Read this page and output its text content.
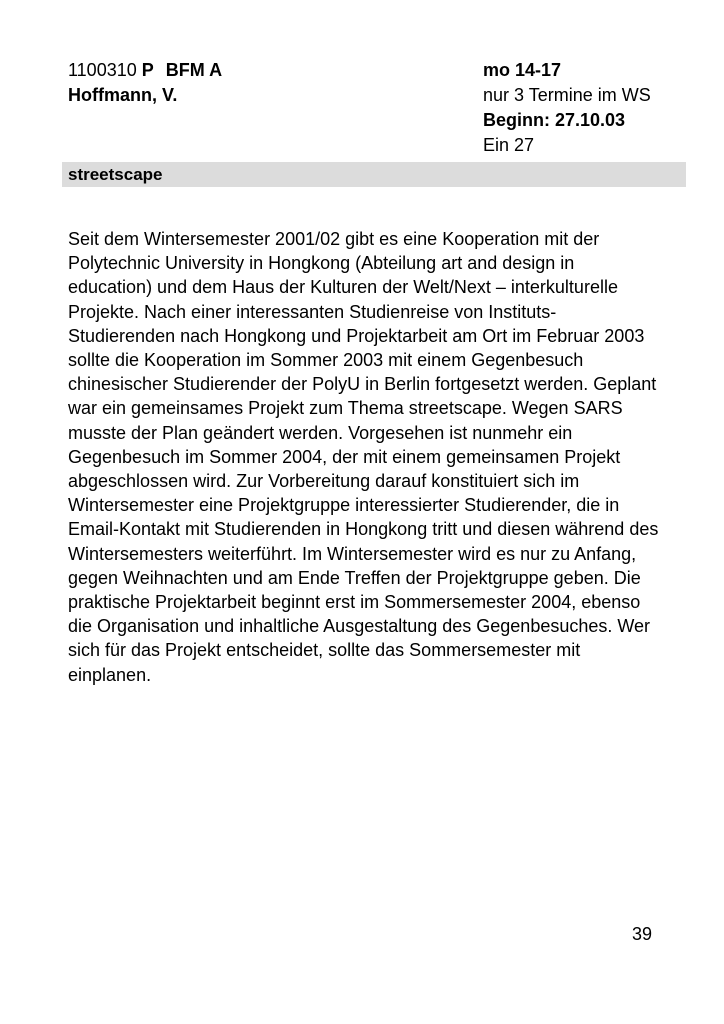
1100310 P BFM A
Hoffmann, V.
mo 14-17
nur 3 Termine im WS
Beginn: 27.10.03
Ein 27
streetscape

Seit dem Wintersemester 2001/02 gibt es eine Kooperation mit der Polytechnic University in Hongkong (Abteilung art and design in education) und dem Haus der Kulturen der Welt/Next – interkulturelle Projekte. Nach einer interessanten Studienreise von Instituts-Studierenden nach Hongkong und Projektarbeit am Ort im Februar 2003 sollte die Kooperation im Sommer 2003 mit einem Gegenbesuch chinesischer Studierender der PolyU in Berlin fortgesetzt werden. Geplant war ein gemeinsames Projekt zum Thema streetscape. Wegen SARS musste der Plan geändert werden. Vorgesehen ist nunmehr ein Gegenbesuch im Sommer 2004, der mit einem gemeinsamen Projekt abgeschlossen wird. Zur Vorbereitung darauf konstituiert sich im Wintersemester eine Projektgruppe interessierter Studierender, die in Email-Kontakt mit Studierenden in Hongkong tritt und diesen während des Wintersemesters weiterführt. Im Wintersemester wird es nur zu Anfang, gegen Weihnachten und am Ende Treffen der Projektgruppe geben. Die praktische Projektarbeit beginnt erst im Sommersemester 2004, ebenso die Organisation und inhaltliche Ausgestaltung des Gegenbesuches. Wer sich für das Projekt entscheidet, sollte das Sommersemester mit einplanen.

39
